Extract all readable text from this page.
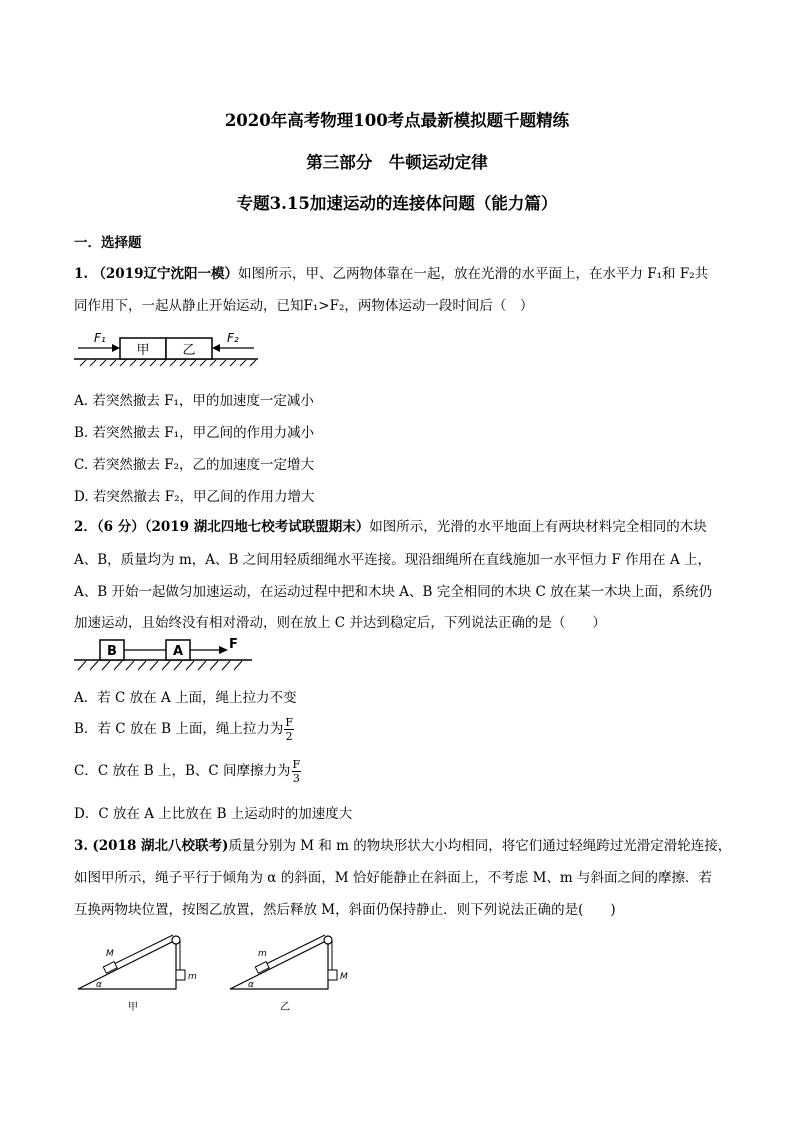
2020年高考物理100考点最新模拟题千题精练
第三部分　牛顿运动定律
专题3.15加速运动的连接体问题（能力篇）
一．选择题
1. （2019辽宁沈阳一模）如图所示，甲、乙两物体靠在一起，放在光滑的水平面上，在水平力 F₁和 F₂共
同作用下，一起从静止开始运动，已知F₁>F₂，两物体运动一段时间后（　）
甲	乙
F₁	F₂
A. 若突然撤去 F₁，甲的加速度一定减小
B. 若突然撤去 F₁，甲乙间的作用力减小
C. 若突然撤去 F₂，乙的加速度一定增大
D. 若突然撤去 F₂，甲乙间的作用力增大
2．（6 分）（2019 湖北四地七校考试联盟期末）如图所示，光滑的水平地面上有两块材料完全相同的木块
A、B，质量均为 m，A、B 之间用轻质细绳水平连接。现沿细绳所在直线施加一水平恒力 F 作用在 A 上，
A、B 开始一起做匀加速运动，在运动过程中把和木块 A、B 完全相同的木块 C 放在某一木块上面，系统仍
加速运动，且始终没有相对滑动，则在放上 C 并达到稳定后，下列说法正确的是（　　）
B	A	F
A．若 C 放在 A 上面，绳上拉力不变
B．若 C 放在 B 上面，绳上拉力为 $\frac{F}{2}$
C．C 放在 B 上，B、C 间摩擦力为 $\frac{F}{3}$
D．C 放在 A 上比放在 B 上运动时的加速度大
3. (2018 湖北八校联考)质量分别为 M 和 m 的物块形状大小均相同，将它们通过轻绳跨过光滑定滑轮连接，
如图甲所示，绳子平行于倾角为 α 的斜面，M 恰好能静止在斜面上，不考虑 M、m 与斜面之间的摩擦．若
互换两物块位置，按图乙放置，然后释放 M，斜面仍保持静止．则下列说法正确的是(　　)
M
m
α
甲
m
M
α
乙
